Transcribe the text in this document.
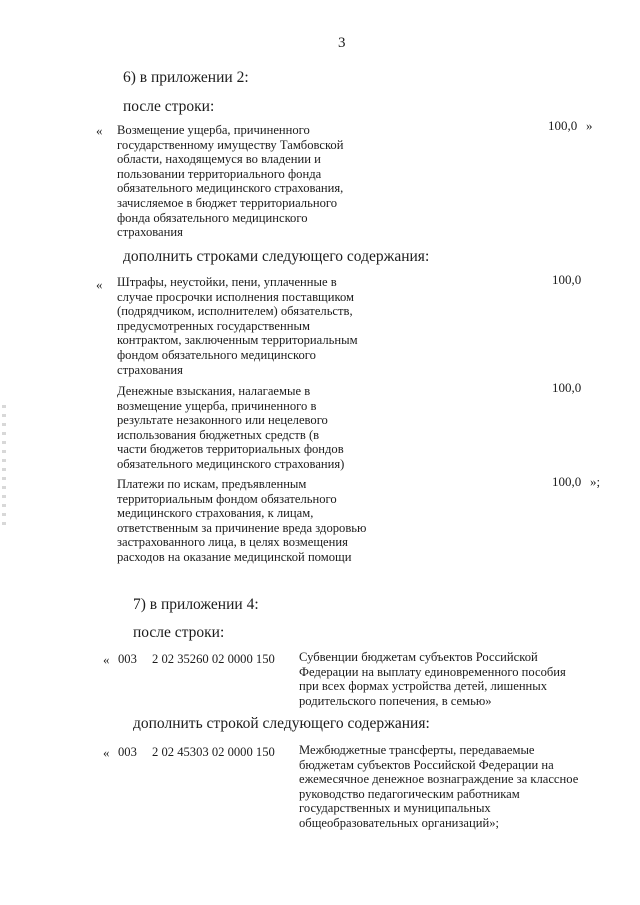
3
6) в приложении 2:
после строки:
« Возмещение ущерба, причиненного
государственному имуществу Тамбовской
области, находящемуся во владении и
пользовании территориального фонда
обязательного медицинского страхования,
зачисляемое в бюджет территориального
фонда обязательного медицинского
страхования
100,0 »
дополнить строками следующего содержания:
« Штрафы, неустойки, пени, уплаченные в
случае просрочки исполнения поставщиком
(подрядчиком, исполнителем) обязательств,
предусмотренных государственным
контрактом, заключенным территориальным
фондом обязательного медицинского
страхования
100,0
Денежные взыскания, налагаемые в
возмещение ущерба, причиненного в
результате незаконного или нецелевого
использования бюджетных средств (в
части бюджетов территориальных фондов
обязательного медицинского страхования)
100,0
Платежи по искам, предъявленным
территориальным фондом обязательного
медицинского страхования, к лицам,
ответственным за причинение вреда здоровью
застрахованного лица, в целях возмещения
расходов на оказание медицинской помощи
100,0 »;
7) в приложении 4:
после строки:
« 003 2 02 35260 02 0000 150 Субвенции бюджетам субъектов Российской
Федерации на выплату единовременного пособия
при всех формах устройства детей, лишенных
родительского попечения, в семью»
дополнить строкой следующего содержания:
« 003 2 02 45303 02 0000 150 Межбюджетные трансферты, передаваемые
бюджетам субъектов Российской Федерации на
ежемесячное денежное вознаграждение за классное
руководство педагогическим работникам
государственных и муниципальных
общеобразовательных организаций»;
